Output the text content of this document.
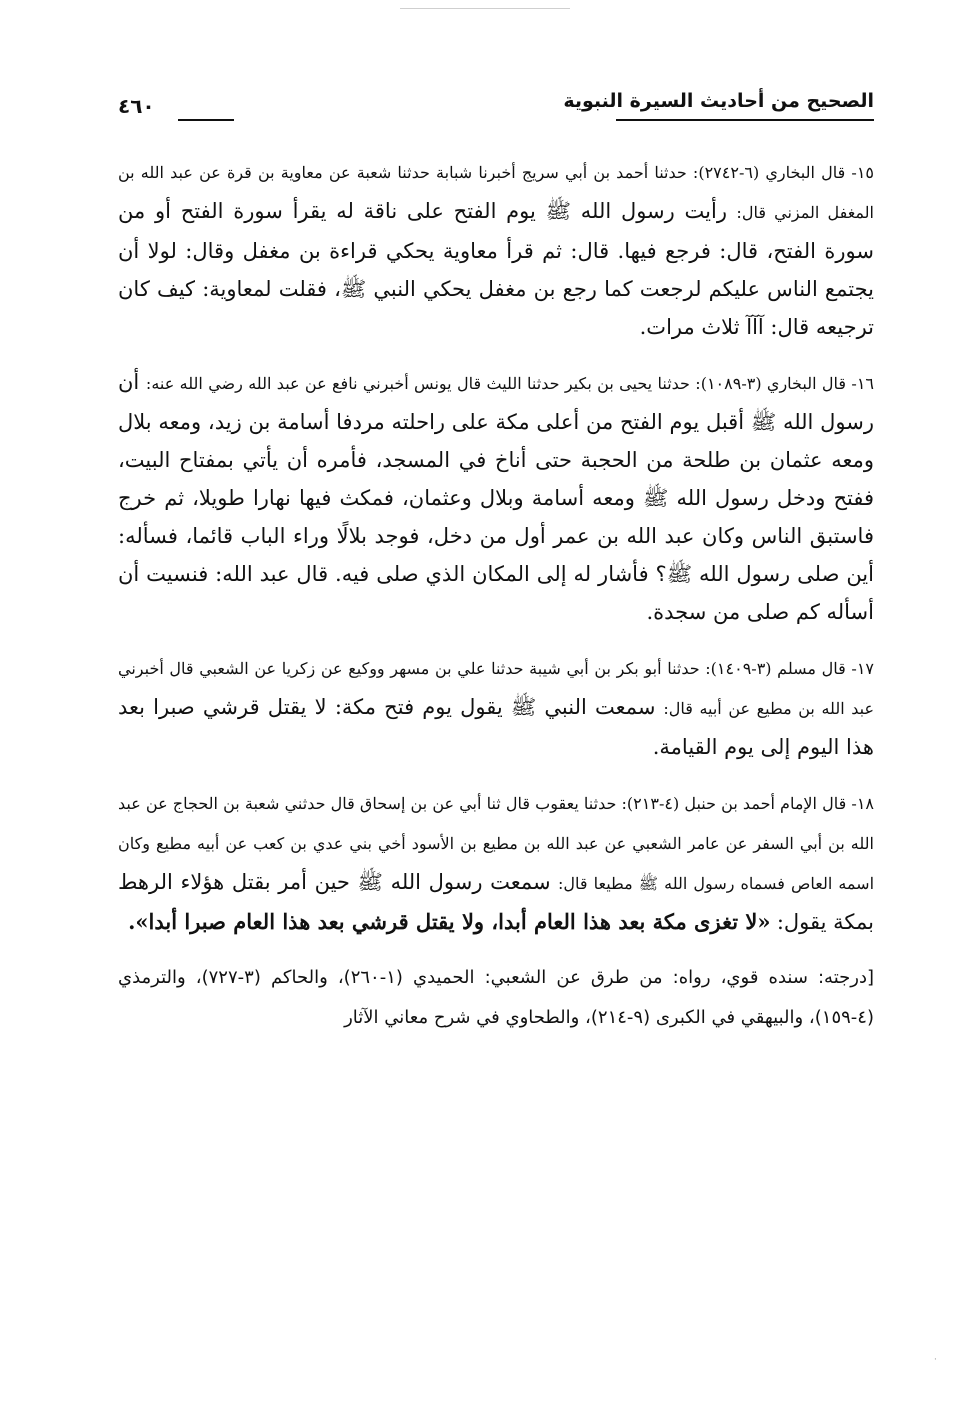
الصحيح من أحاديث السيرة النبوية
٤٦٠

١٥- قال البخاري (٦-٢٧٤٢): حدثنا أحمد بن أبي سريج أخبرنا شبابة حدثنا شعبة عن معاوية بن قرة عن عبد الله بن المغفل المزني قال: رأيت رسول الله ﷺ يوم الفتح على ناقة له يقرأ سورة الفتح أو من سورة الفتح، قال: فرجع فيها. قال: ثم قرأ معاوية يحكي قراءة بن مغفل وقال: لولا أن يجتمع الناس عليكم لرجعت كما رجع بن مغفل يحكي النبي ﷺ، فقلت لمعاوية: كيف كان ترجيعه قال: آآآ ثلاث مرات.

١٦- قال البخاري (٣-١٠٨٩): حدثنا يحيى بن بكير حدثنا الليث قال يونس أخبرني نافع عن عبد الله رضي الله عنه: أن رسول الله ﷺ أقبل يوم الفتح من أعلى مكة على راحلته مردفا أسامة بن زيد، ومعه بلال ومعه عثمان بن طلحة من الحجبة حتى أناخ في المسجد، فأمره أن يأتي بمفتاح البيت، ففتح ودخل رسول الله ﷺ ومعه أسامة وبلال وعثمان، فمكث فيها نهارا طويلا، ثم خرج فاستبق الناس وكان عبد الله بن عمر أول من دخل، فوجد بلالًا وراء الباب قائما، فسأله: أين صلى رسول الله ﷺ؟ فأشار له إلى المكان الذي صلى فيه. قال عبد الله: فنسيت أن أسأله كم صلى من سجدة.

١٧- قال مسلم (٣-١٤٠٩): حدثنا أبو بكر بن أبي شيبة حدثنا علي بن مسهر ووكيع عن زكريا عن الشعبي قال أخبرني عبد الله بن مطيع عن أبيه قال: سمعت النبي ﷺ يقول يوم فتح مكة: لا يقتل قرشي صبرا بعد هذا اليوم إلى يوم القيامة.

١٨- قال الإمام أحمد بن حنبل (٤-٢١٣): حدثنا يعقوب قال ثنا أبي عن بن إسحاق قال حدثني شعبة بن الحجاج عن عبد الله بن أبي السفر عن عامر الشعبي عن عبد الله بن مطيع بن الأسود أخي بني عدي بن كعب عن أبيه مطيع وكان اسمه العاص فسماه رسول الله ﷺ مطيعا قال: سمعت رسول الله ﷺ حين أمر بقتل هؤلاء الرهط بمكة يقول: «لا تغزى مكة بعد هذا العام أبدا، ولا يقتل قرشي بعد هذا العام صبرا أبدا».

[درجته: سنده قوي، رواه: من طرق عن الشعبي: الحميدي (١-٢٦٠)، والحاكم (٣-٧٢٧)، والترمذي (٤-١٥٩)، والبيهقي في الكبرى (٩-٢١٤)، والطحاوي في شرح معاني الآثار

·
